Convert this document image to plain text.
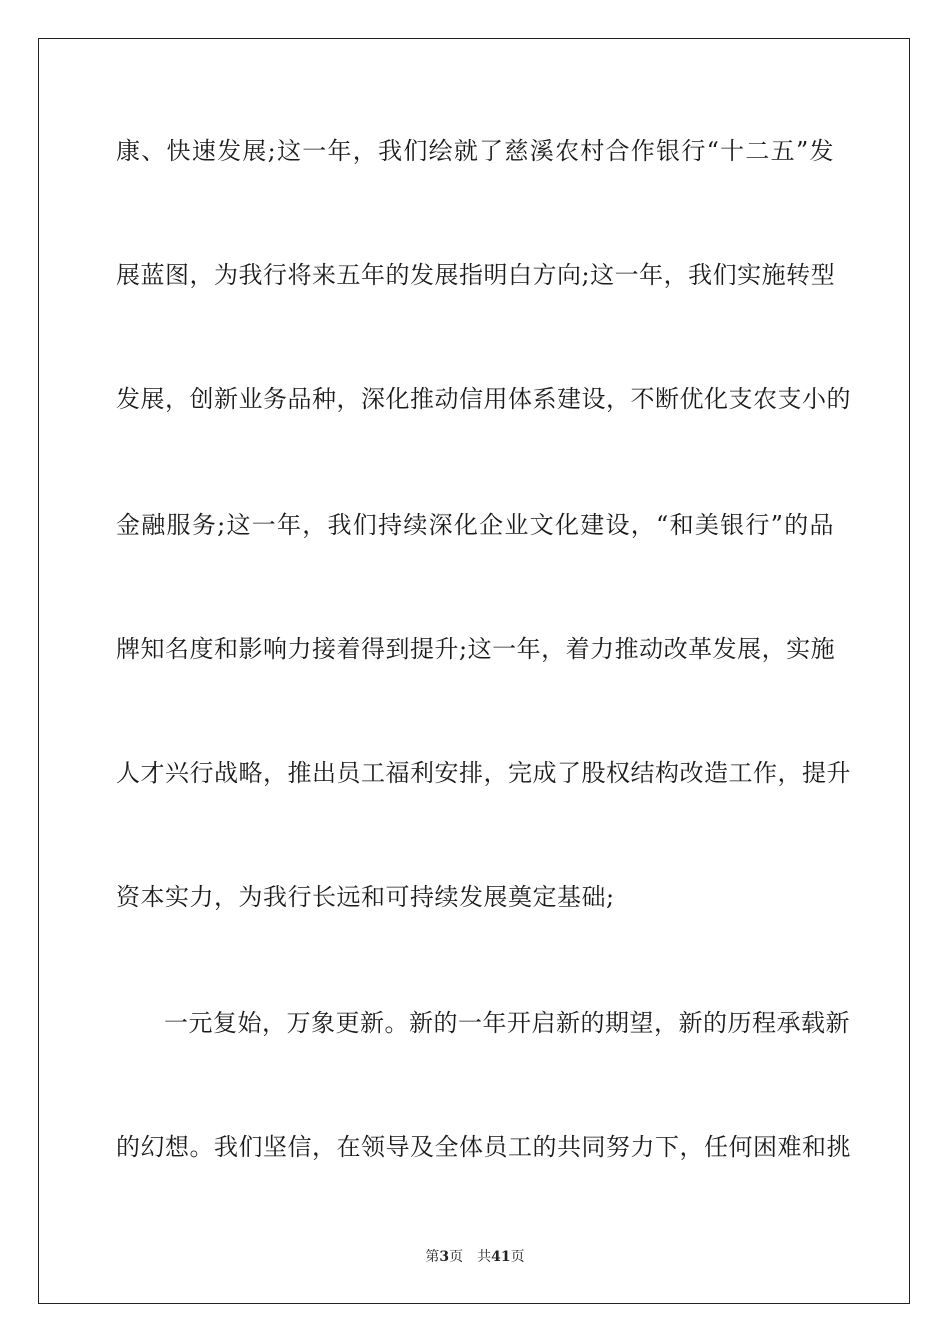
康、快速发展;这一年，我们绘就了慈溪农村合作银行“十二五”发
展蓝图，为我行将来五年的发展指明白方向;这一年，我们实施转型
发展，创新业务品种，深化推动信用体系建设，不断优化支农支小的
金融服务;这一年，我们持续深化企业文化建设，“和美银行”的品
牌知名度和影响力接着得到提升;这一年，着力推动改革发展，实施
人才兴行战略，推出员工福利安排，完成了股权结构改造工作，提升
资本实力，为我行长远和可持续发展奠定基础;
一元复始，万象更新。新的一年开启新的期望，新的历程承载新
的幻想。我们坚信，在领导及全体员工的共同努力下，任何困难和挑
第3页 共41页
